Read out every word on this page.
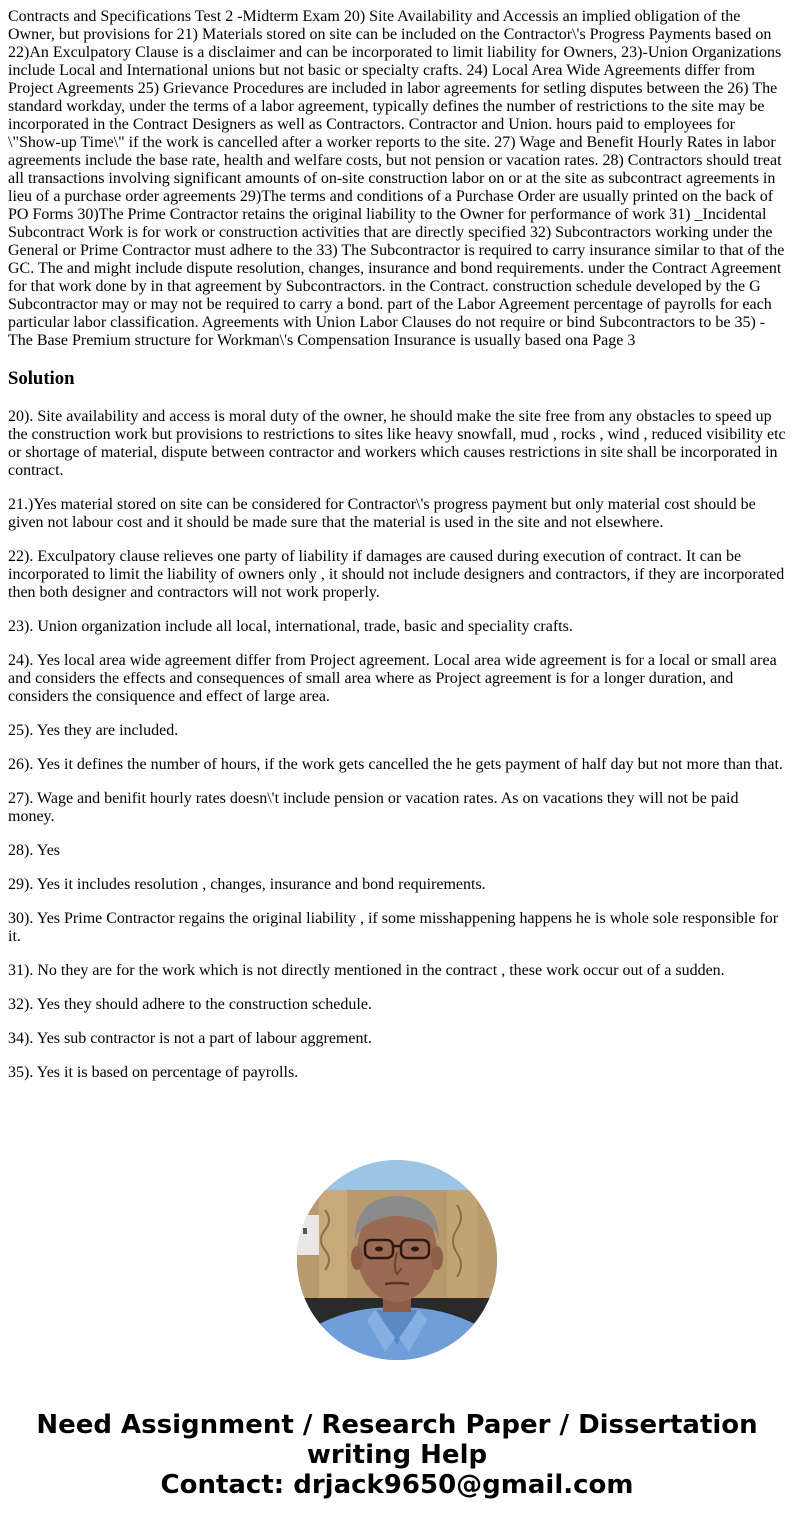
Contracts and Specifications Test 2 -Midterm Exam 20) Site Availability and Accessis an implied obligation of the Owner, but provisions for 21) Materials stored on site can be included on the Contractor\'s Progress Payments based on 22)An Exculpatory Clause is a disclaimer and can be incorporated to limit liability for Owners, 23)-Union Organizations include Local and International unions but not basic or specialty crafts. 24) Local Area Wide Agreements differ from Project Agreements 25) Grievance Procedures are included in labor agreements for setling disputes between the 26) The standard workday, under the terms of a labor agreement, typically defines the number of restrictions to the site may be incorporated in the Contract Designers as well as Contractors. Contractor and Union. hours paid to employees for \"Show-up Time\" if the work is cancelled after a worker reports to the site. 27) Wage and Benefit Hourly Rates in labor agreements include the base rate, health and welfare costs, but not pension or vacation rates. 28) Contractors should treat all transactions involving significant amounts of on-site construction labor on or at the site as subcontract agreements in lieu of a purchase order agreements 29)The terms and conditions of a Purchase Order are usually printed on the back of PO Forms 30)The Prime Contractor retains the original liability to the Owner for performance of work 31) _Incidental Subcontract Work is for work or construction activities that are directly specified 32) Subcontractors working under the General or Prime Contractor must adhere to the 33) The Subcontractor is required to carry insurance similar to that of the GC. The and might include dispute resolution, changes, insurance and bond requirements. under the Contract Agreement for that work done by in that agreement by Subcontractors. in the Contract. construction schedule developed by the G Subcontractor may or may not be required to carry a bond. part of the Labor Agreement percentage of payrolls for each particular labor classification. Agreements with Union Labor Clauses do not require or bind Subcontractors to be 35) -The Base Premium structure for Workman\'s Compensation Insurance is usually based ona Page 3

Solution

20). Site availability and access is moral duty of the owner, he should make the site free from any obstacles to speed up the construction work but provisions to restrictions to sites like heavy snowfall, mud , rocks , wind , reduced visibility etc or shortage of material, dispute between contractor and workers which causes restrictions in site shall be incorporated in contract.

21.)Yes material stored on site can be considered for Contractor\'s progress payment but only material cost should be given not labour cost and it should be made sure that the material is used in the site and not elsewhere.

22). Exculpatory clause relieves one party of liability if damages are caused during execution of contract. It can be incorporated to limit the liability of owners only , it should not include designers and contractors, if they are incorporated then both designer and contractors will not work properly.

23). Union organization include all local, international, trade, basic and speciality crafts.

24). Yes local area wide agreement differ from Project agreement. Local area wide agreement is for a local or small area and considers the effects and consequences of small area where as Project agreement is for a longer duration, and considers the consiquence and effect of large area.

25). Yes they are included.

26). Yes it defines the number of hours, if the work gets cancelled the he gets payment of half day but not more than that.

27). Wage and benifit hourly rates doesn\'t include pension or vacation rates. As on vacations they will not be paid money.

28). Yes

29). Yes it includes resolution , changes, insurance and bond requirements.

30). Yes Prime Contractor regains the original liability , if some misshappening happens he is whole sole responsible for it.

31). No they are for the work which is not directly mentioned in the contract , these work occur out of a sudden.

32). Yes they should adhere to the construction schedule.

34). Yes sub contractor is not a part of labour aggrement.

35). Yes it is based on percentage of payrolls.

Need Assignment / Research Paper / Dissertation
writing Help
Contact: drjack9650@gmail.com
